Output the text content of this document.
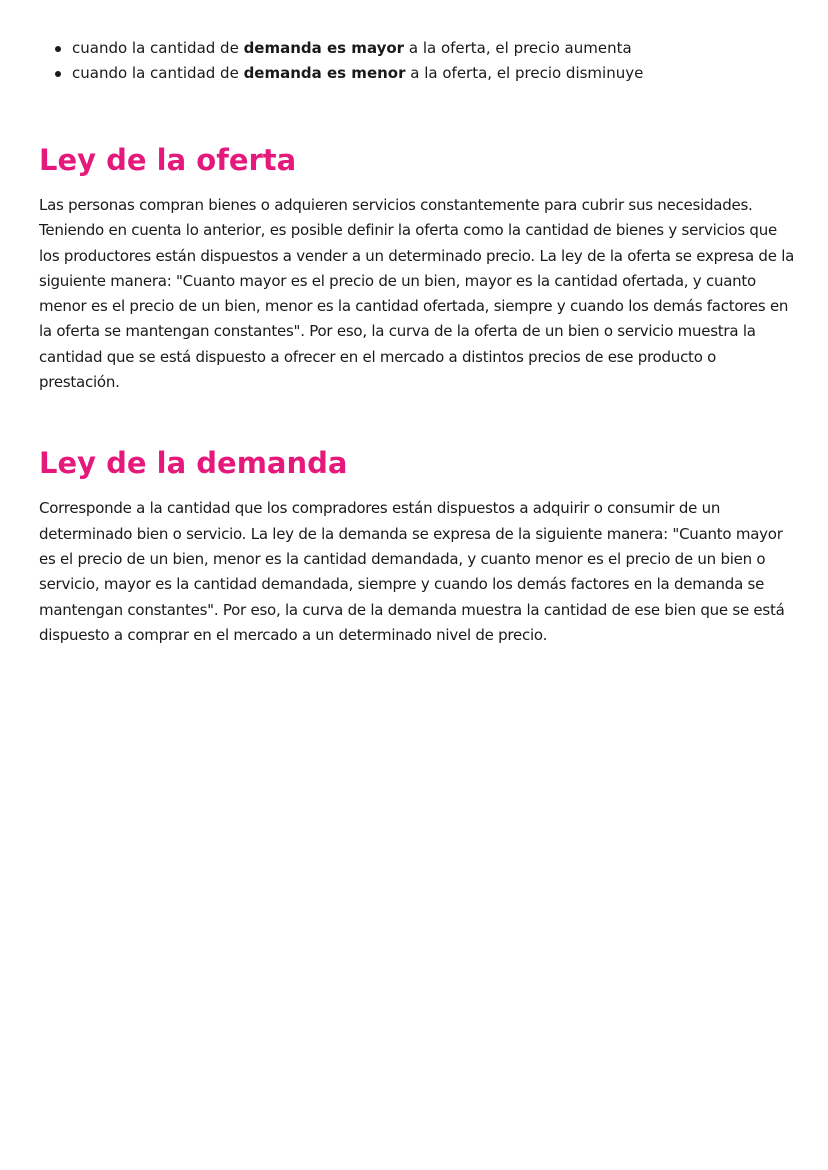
cuando la cantidad de demanda es mayor a la oferta, el precio aumenta
cuando la cantidad de demanda es menor a la oferta, el precio disminuye
Ley de la oferta

Las personas compran bienes o adquieren servicios constantemente para cubrir sus necesidades. Teniendo en cuenta lo anterior, es posible definir la oferta como la cantidad de bienes y servicios que los productores están dispuestos a vender a un determinado precio. La ley de la oferta se expresa de la siguiente manera: "Cuanto mayor es el precio de un bien, mayor es la cantidad ofertada, y cuanto menor es el precio de un bien, menor es la cantidad ofertada, siempre y cuando los demás factores en la oferta se mantengan constantes". Por eso, la curva de la oferta de un bien o servicio muestra la cantidad que se está dispuesto a ofrecer en el mercado a distintos precios de ese producto o prestación.

Ley de la demanda

Corresponde a la cantidad que los compradores están dispuestos a adquirir o consumir de un determinado bien o servicio. La ley de la demanda se expresa de la siguiente manera: "Cuanto mayor es el precio de un bien, menor es la cantidad demandada, y cuanto menor es el precio de un bien o servicio, mayor es la cantidad demandada, siempre y cuando los demás factores en la demanda se mantengan constantes". Por eso, la curva de la demanda muestra la cantidad de ese bien que se está dispuesto a comprar en el mercado a un determinado nivel de precio.
